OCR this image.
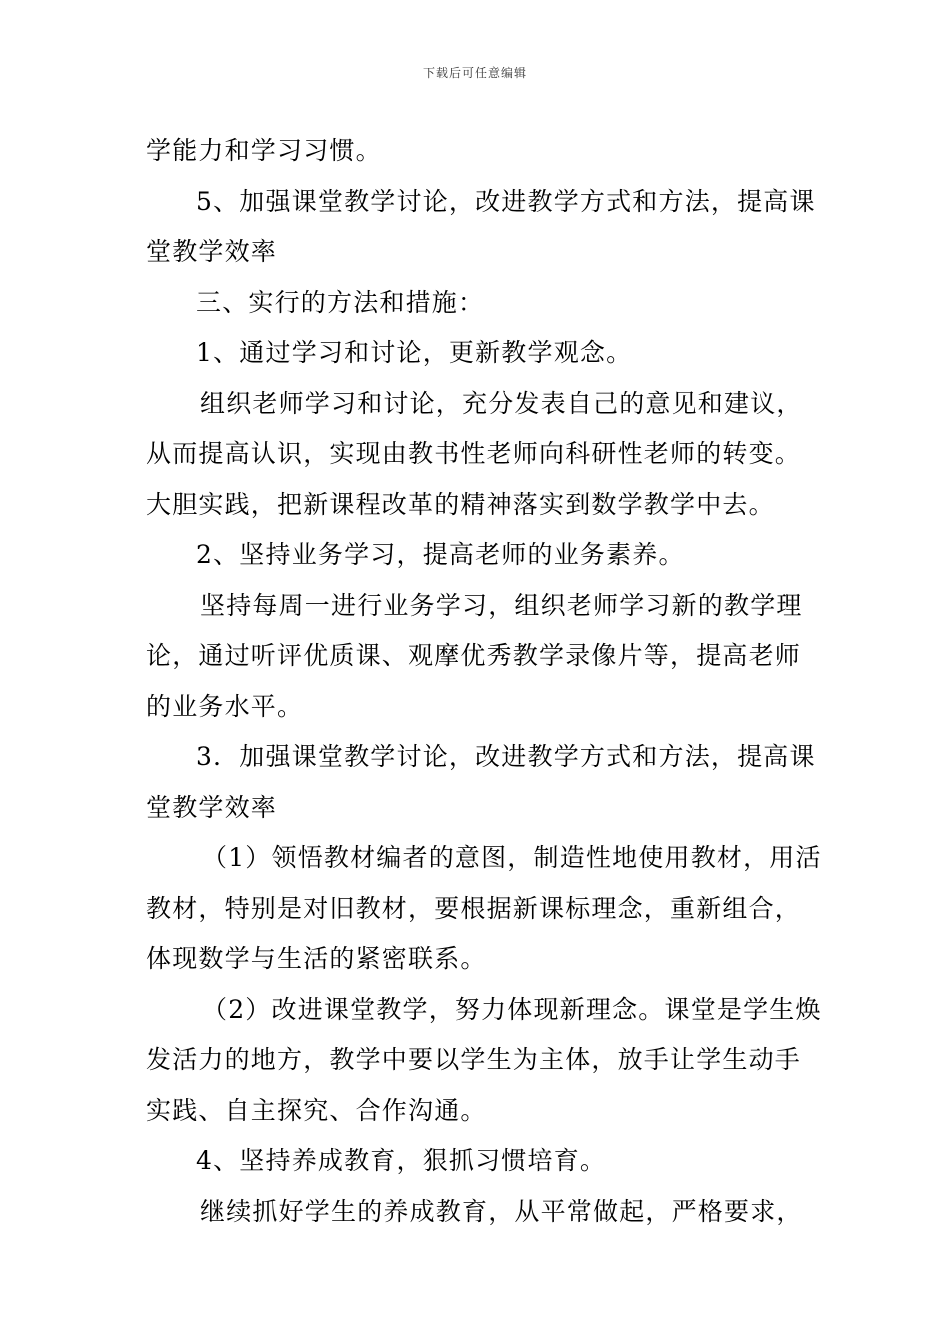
下载后可任意编辑
学能力和学习习惯。
5、加强课堂教学讨论，改进教学方式和方法，提高课
堂教学效率
三、实行的方法和措施：
1、通过学习和讨论，更新教学观念。
组织老师学习和讨论，充分发表自己的意见和建议，
从而提高认识，实现由教书性老师向科研性老师的转变。
大胆实践，把新课程改革的精神落实到数学教学中去。
2、坚持业务学习，提高老师的业务素养。
坚持每周一进行业务学习，组织老师学习新的教学理
论，通过听评优质课、观摩优秀教学录像片等，提高老师
的业务水平。
3．加强课堂教学讨论，改进教学方式和方法，提高课
堂教学效率
（1）领悟教材编者的意图，制造性地使用教材，用活
教材，特别是对旧教材，要根据新课标理念，重新组合，
体现数学与生活的紧密联系。
（2）改进课堂教学，努力体现新理念。课堂是学生焕
发活力的地方，教学中要以学生为主体，放手让学生动手
实践、自主探究、合作沟通。
4、坚持养成教育，狠抓习惯培育。
继续抓好学生的养成教育，从平常做起，严格要求，
